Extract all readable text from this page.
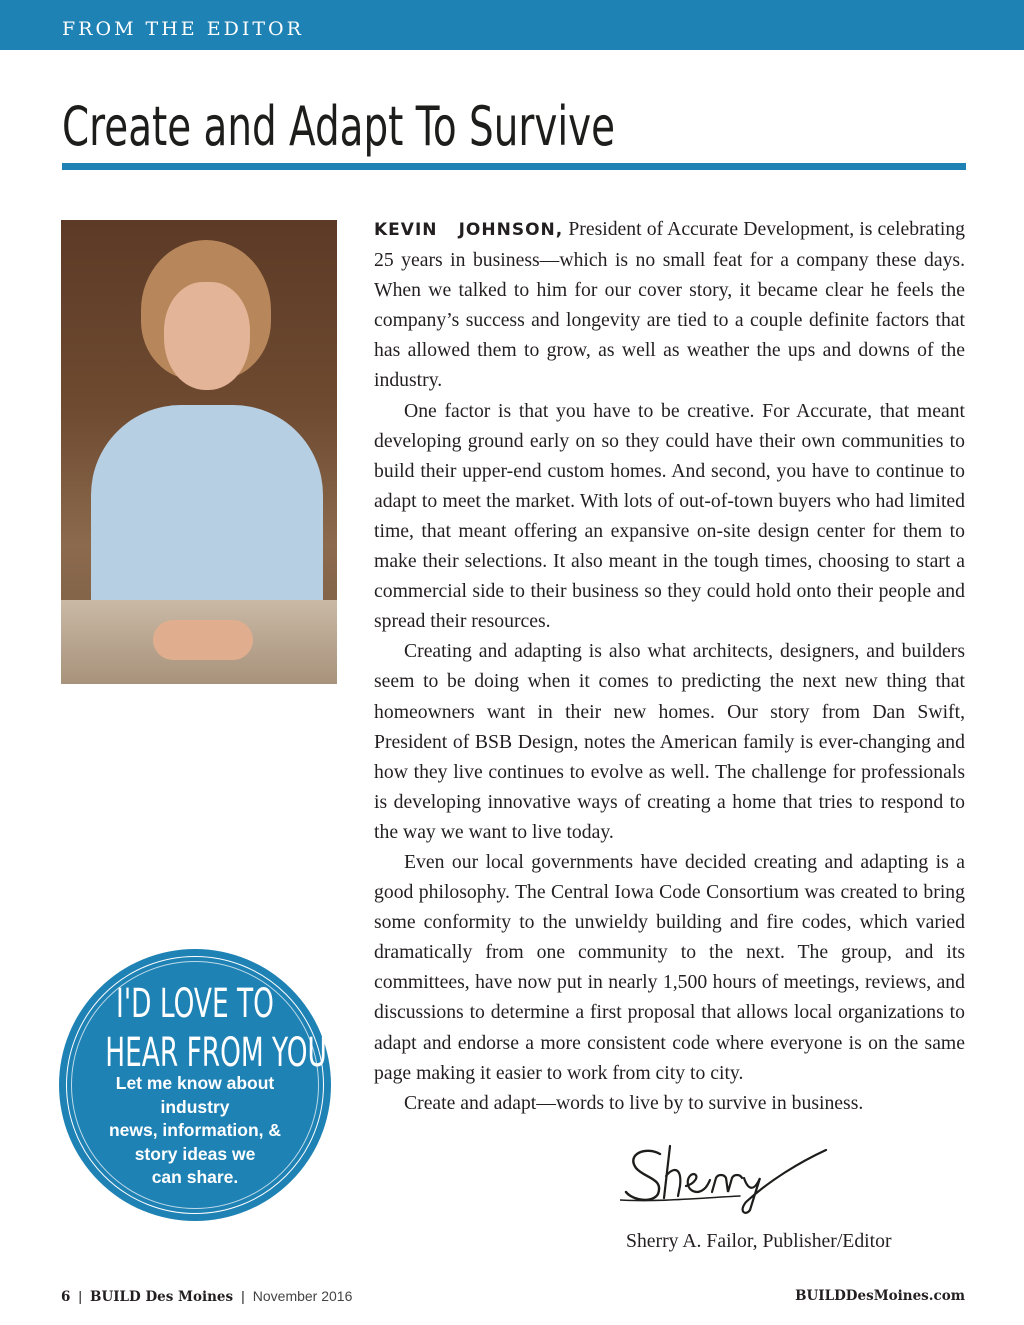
FROM THE EDITOR
Create and Adapt To Survive

KEVIN JOHNSON, President of Accurate Development, is celebrating 25 years in business—which is no small feat for a company these days. When we talked to him for our cover story, it became clear he feels the company’s success and longevity are tied to a couple definite factors that has allowed them to grow, as well as weather the ups and downs of the industry.

One factor is that you have to be creative. For Accurate, that meant developing ground early on so they could have their own communities to build their upper-end custom homes. And second, you have to continue to adapt to meet the market. With lots of out-of-town buyers who had limited time, that meant offering an expansive on-site design center for them to make their selections. It also meant in the tough times, choosing to start a commercial side to their business so they could hold onto their people and spread their resources.

Creating and adapting is also what architects, designers, and builders seem to be doing when it comes to predicting the next new thing that homeowners want in their new homes. Our story from Dan Swift, President of BSB Design, notes the American family is ever-changing and how they live continues to evolve as well. The challenge for professionals is developing innovative ways of creating a home that tries to respond to the way we want to live today.

Even our local governments have decided creating and adapting is a good philosophy. The Central Iowa Code Consortium was created to bring some conformity to the unwieldy building and fire codes, which varied dramatically from one community to the next. The group, and its committees, have now put in nearly 1,500 hours of meetings, reviews, and discussions to determine a first proposal that allows local organizations to adapt and endorse a more consistent code where everyone is on the same page making it easier to work from city to city.

Create and adapt—words to live by to survive in business.

Sherry A. Failor, Publisher/Editor
I'D LOVE TO
HEAR FROM YOU!
Let me know about industry
news, information, &
story ideas we
can share.
6 | BUILD Des Moines | November 2016	BUILDDesMoines.com
